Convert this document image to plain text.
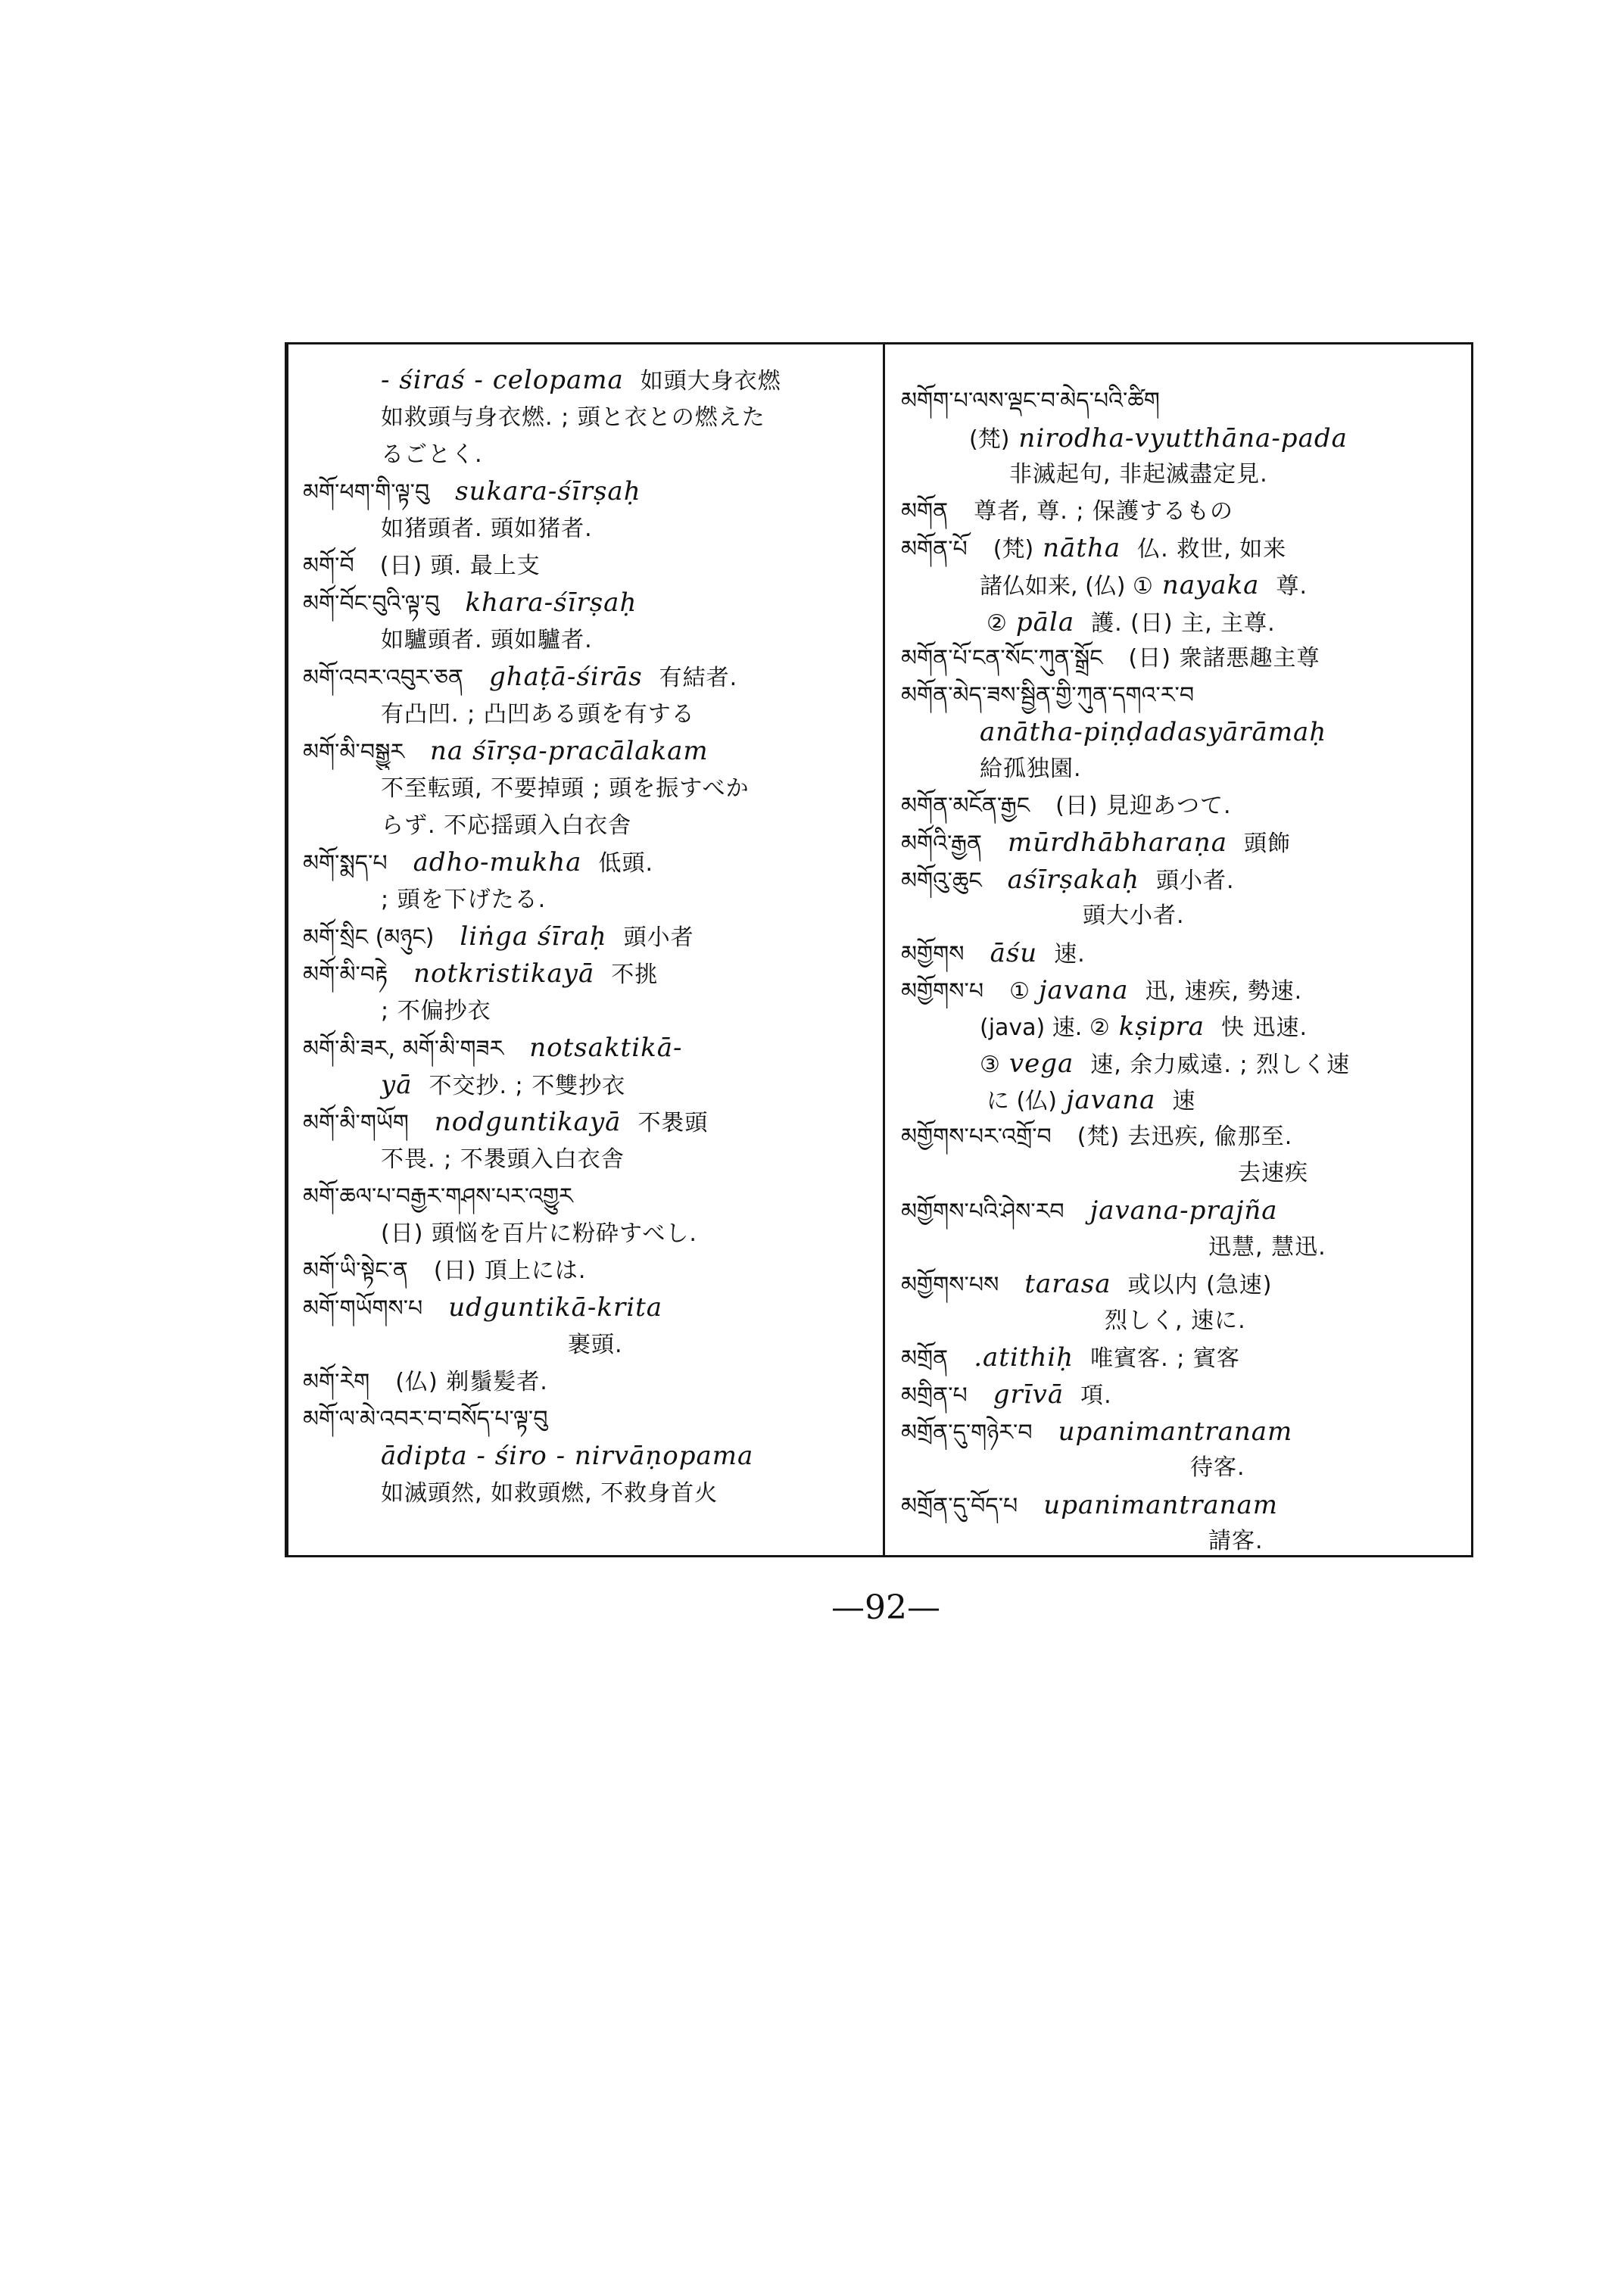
- śiraś - celopama 如頭大身衣燃
如救頭与身衣燃. ; 頭と衣との燃えた
るごとく.
མགོ་ཕག་གི་ལྟ་བུ sukara-śīrṣaḥ
如猪頭者. 頭如猪者.
མགོ་བོ (日) 頭. 最上支
མགོ་བོང་བུའི་ལྟ་བུ khara-śīrṣaḥ
如驢頭者. 頭如驢者.
མགོ་འབར་འབུར་ཅན ghaṭā-śirās 有結者.
有凸凹. ; 凸凹ある頭を有する
མགོ་མི་བསྒྱུར na śīrṣa-pracālakam
不至転頭, 不要掉頭 ; 頭を振すべか
らず. 不応揺頭入白衣舎
མགོ་སྨད་པ adho-mukha 低頭.
; 頭を下げたる.
མགོ་སྲིང (མཉུང) liṅga śīraḥ 頭小者
མགོ་མི་བརྟེ notkristikayā 不挑
; 不偏抄衣
མགོ་མི་ཟར, མགོ་མི་གཟར notsaktikā-
yā 不交抄. ; 不雙抄衣
མགོ་མི་གཡོག nodguntikayā 不褁頭
不畏. ; 不褁頭入白衣舎
མགོ་ཆལ་པ་བརྒྱར་གཤས་པར་འགྱུར
(日) 頭悩を百片に粉砕すべし.
མགོ་ཡི་སྟེང་ན (日) 頂上には.
མགོ་གཡོགས་པ udguntikā-krita
裹頭.
མགོ་རེག (仏) 剃鬚髪者.
མགོ་ལ་མེ་འབར་བ་བསོད་པ་ལྟ་བུ
ādipta - śiro - nirvāṇopama
如滅頭然, 如救頭燃, 不救身首火
མགོག་པ་ལས་ལྡང་བ་མེད་པའི་ཚིག
(梵) nirodha-vyutthāna-pada
非滅起句, 非起滅盡定見.
མགོན 尊者, 尊. ; 保護するもの
མགོན་པོ (梵) nātha 仏. 救世, 如来
諸仏如来, (仏) ① nayaka 尊.
② pāla 護. (日) 主, 主尊.
མགོན་པོ་ངན་སོང་ཀུན་སྒྲོང (日) 衆諸悪趣主尊
མགོན་མེད་ཟས་སྦྱིན་གྱི་ཀུན་དགའ་ར་བ
anātha-piṇḍadasyārāmaḥ
給孤独園.
མགོན་མངོན་རྒྱང (日) 見迎あつて.
མགོའི་རྒྱན mūrdhābharaṇa 頭飾
མགོའུ་ཆུང aśīrṣakaḥ 頭小者.
頭大小者.
མགྱོགས āśu 速.
མགྱོགས་པ ① javana 迅, 速疾, 勢速.
(java) 速. ② kṣipra 快 迅速.
③ vega 速, 余力威遠. ; 烈しく速
に (仏) javana 速
མགྱོགས་པར་འགྲོ་བ (梵) 去迅疾, 偸那至.
去速疾
མགྱོགས་པའི་ཤེས་རབ javana-prajña
迅慧, 慧迅.
མགྱོགས་པས tarasa 或以内 (急速)
烈しく, 速に.
མགྲོན .atithiḥ 唯賓客. ; 賓客
མགྲིན་པ grīvā 項.
མགྲོན་དུ་གཉེར་བ upanimantranam
待客.
མགྲོན་དུ་བོད་པ upanimantranam
請客.
—92—
